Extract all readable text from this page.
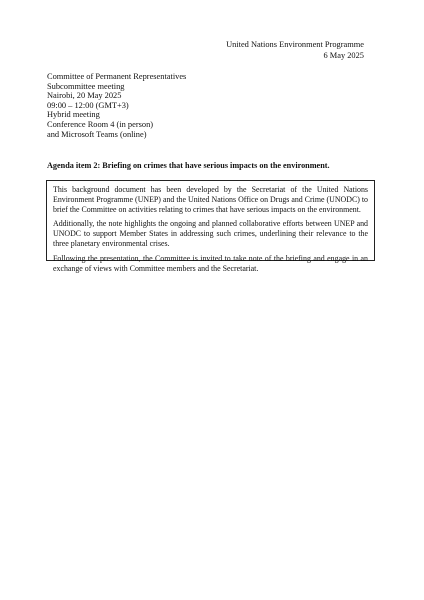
United Nations Environment Programme
6 May 2025
Committee of Permanent Representatives
Subcommittee meeting
Nairobi, 20 May 2025
09:00 – 12:00 (GMT+3)
Hybrid meeting
Conference Room 4 (in person)
and Microsoft Teams (online)
Agenda item 2: Briefing on crimes that have serious impacts on the environment.

This background document has been developed by the Secretariat of the United Nations Environment Programme (UNEP) and the United Nations Office on Drugs and Crime (UNODC) to brief the Committee on activities relating to crimes that have serious impacts on the environment.

Additionally, the note highlights the ongoing and planned collaborative efforts between UNEP and UNODC to support Member States in addressing such crimes, underlining their relevance to the three planetary environmental crises.

Following the presentation, the Committee is invited to take note of the briefing and engage in an exchange of views with Committee members and the Secretariat.
